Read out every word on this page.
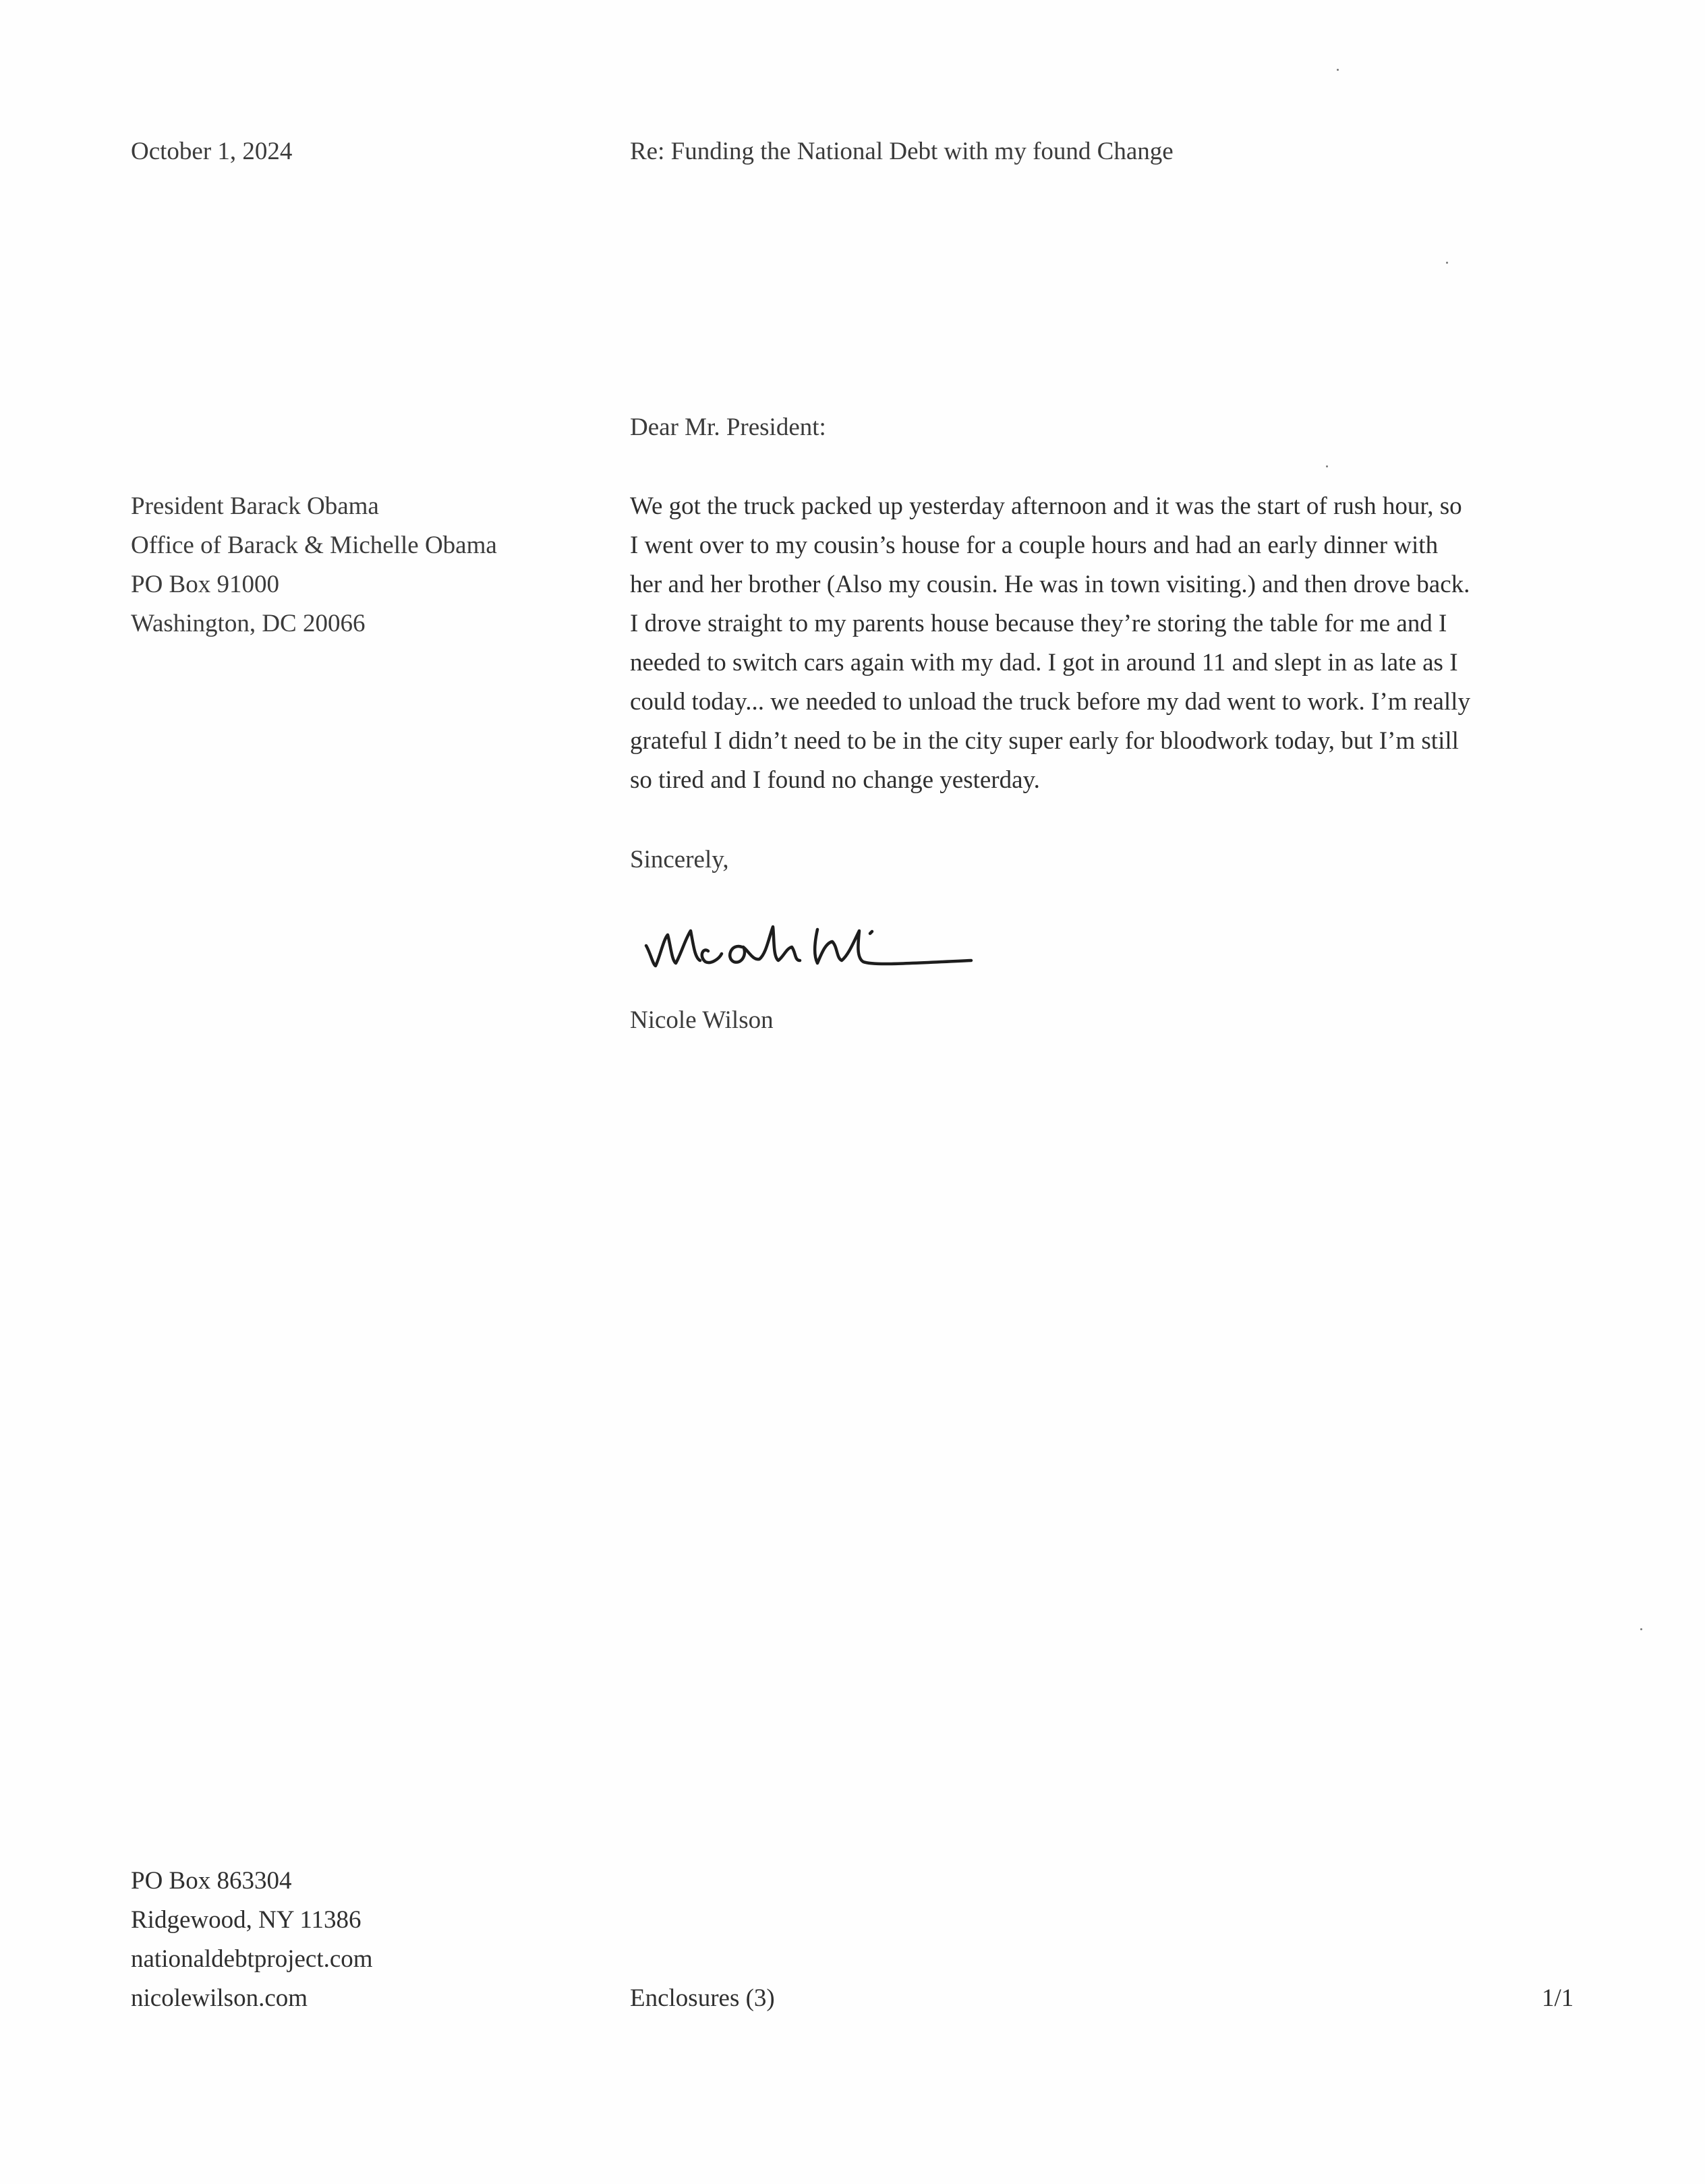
October 1, 2024	Re: Funding the National Debt with my found Change
Dear Mr. President:
President Barack Obama
Office of Barack & Michelle Obama
PO Box 91000
Washington, DC 20066
We got the truck packed up yesterday afternoon and it was the start of rush hour, so
I went over to my cousin’s house for a couple hours and had an early dinner with
her and her brother (Also my cousin. He was in town visiting.) and then drove back.
I drove straight to my parents house because they’re storing the table for me and I
needed to switch cars again with my dad. I got in around 11 and slept in as late as I
could today... we needed to unload the truck before my dad went to work. I’m really
grateful I didn’t need to be in the city super early for bloodwork today, but I’m still
so tired and I found no change yesterday.
Sincerely,
Nicole Wilson
PO Box 863304
Ridgewood, NY 11386
nationaldebtproject.com
nicolewilson.com	Enclosures (3)	1/1
